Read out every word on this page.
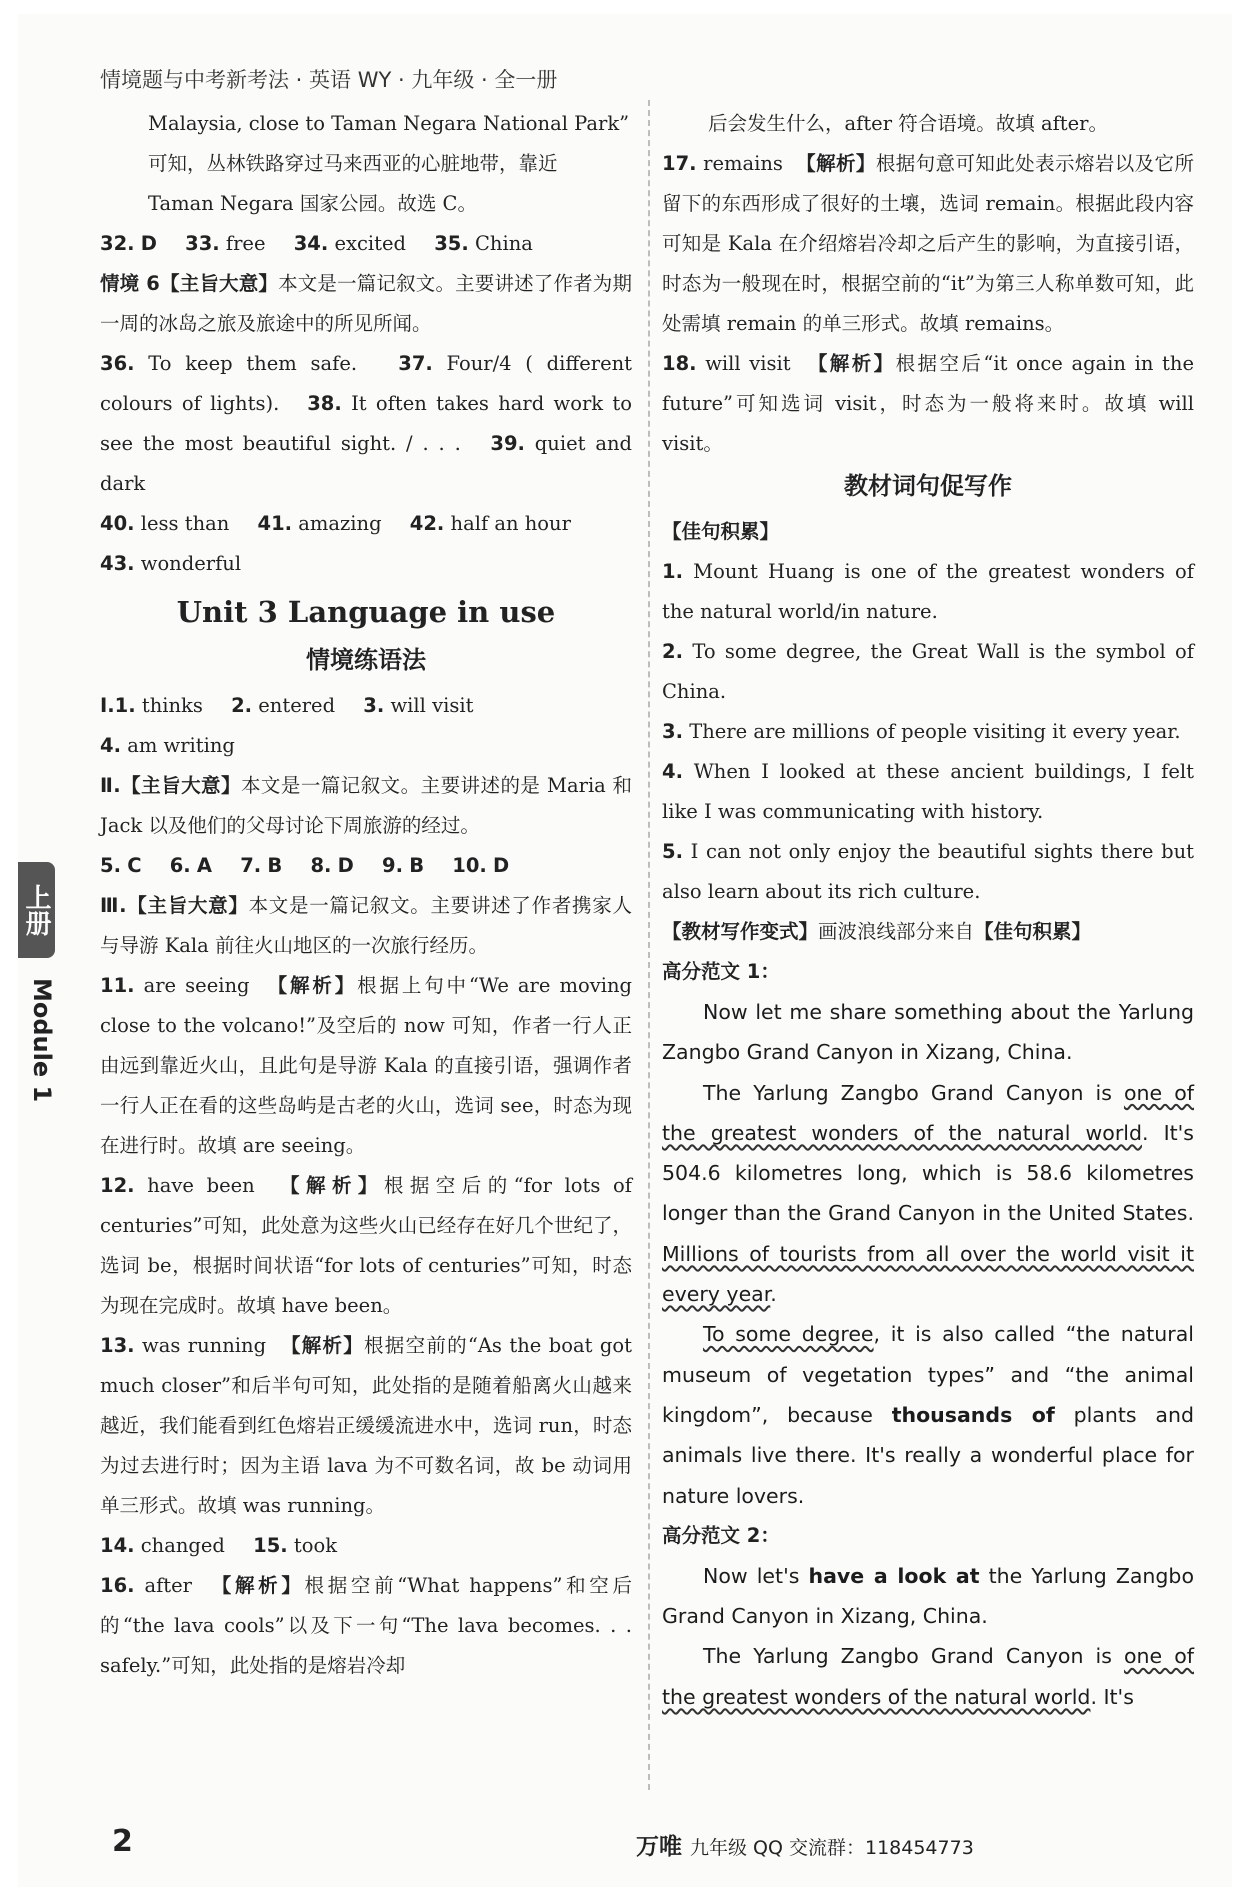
情境题与中考新考法 · 英语 WY · 九年级 · 全一册

Malaysia, close to Taman Negara National Park”
可知，丛林铁路穿过马来西亚的心脏地带，靠近
Taman Negara 国家公园。故选 C。

32. D 33. free 34. excited 35. China

情境 6【主旨大意】本文是一篇记叙文。主要讲述了作者为期一周的冰岛之旅及旅途中的所见所闻。

36. To keep them safe. 37. Four/4 ( different colours of lights). 38. It often takes hard work to see the most beautiful sight. / . . . 39. quiet and dark

40. less than 41. amazing 42. half an hour

43. wonderful

Unit 3 Language in use

情境练语法

Ⅰ.1. thinks 2. entered 3. will visit

4. am writing

Ⅱ.【主旨大意】本文是一篇记叙文。主要讲述的是 Maria 和 Jack 以及他们的父母讨论下周旅游的经过。

5. C 6. A 7. B 8. D 9. B 10. D

Ⅲ.【主旨大意】本文是一篇记叙文。主要讲述了作者携家人与导游 Kala 前往火山地区的一次旅行经历。

11. are seeing 【解析】根据上句中“We are moving close to the volcano!”及空后的 now 可知，作者一行人正由远到靠近火山，且此句是导游 Kala 的直接引语，强调作者一行人正在看的这些岛屿是古老的火山，选词 see，时态为现在进行时。故填 are seeing。

12. have been 【解析】根据空后的“for lots of centuries”可知，此处意为这些火山已经存在好几个世纪了，选词 be，根据时间状语“for lots of centuries”可知，时态为现在完成时。故填 have been。

13. was running 【解析】根据空前的“As the boat got much closer”和后半句可知，此处指的是随着船离火山越来越近，我们能看到红色熔岩正缓缓流进水中，选词 run，时态为过去进行时；因为主语 lava 为不可数名词，故 be 动词用单三形式。故填 was running。

14. changed 15. took

16. after 【解析】根据空前“What happens”和空后的“the lava cools”以及下一句“The lava becomes. . . safely.”可知，此处指的是熔岩冷却

后会发生什么，after 符合语境。故填 after。

17. remains 【解析】根据句意可知此处表示熔岩以及它所留下的东西形成了很好的土壤，选词 remain。根据此段内容可知是 Kala 在介绍熔岩冷却之后产生的影响，为直接引语，时态为一般现在时，根据空前的“it”为第三人称单数可知，此处需填 remain 的单三形式。故填 remains。

18. will visit 【解析】根据空后“it once again in the future”可知选词 visit，时态为一般将来时。故填 will visit。

教材词句促写作

【佳句积累】

1. Mount Huang is one of the greatest wonders of the natural world/in nature.

2. To some degree, the Great Wall is the symbol of China.

3. There are millions of people visiting it every year.

4. When I looked at these ancient buildings, I felt like I was communicating with history.

5. I can not only enjoy the beautiful sights there but also learn about its rich culture.

【教材写作变式】画波浪线部分来自【佳句积累】

高分范文 1：

Now let me share something about the Yarlung Zangbo Grand Canyon in Xizang, China.

The Yarlung Zangbo Grand Canyon is one of the greatest wonders of the natural world. It's 504.6 kilometres long, which is 58.6 kilometres longer than the Grand Canyon in the United States. Millions of tourists from all over the world visit it every year.

To some degree, it is also called “the natural museum of vegetation types” and “the animal kingdom”, because thousands of plants and animals live there. It's really a wonderful place for nature lovers.

高分范文 2：

Now let's have a look at the Yarlung Zangbo Grand Canyon in Xizang, China.

The Yarlung Zangbo Grand Canyon is one of the greatest wonders of the natural world. It's

上册
Module 1
2	万唯 九年级 QQ 交流群：118454773
